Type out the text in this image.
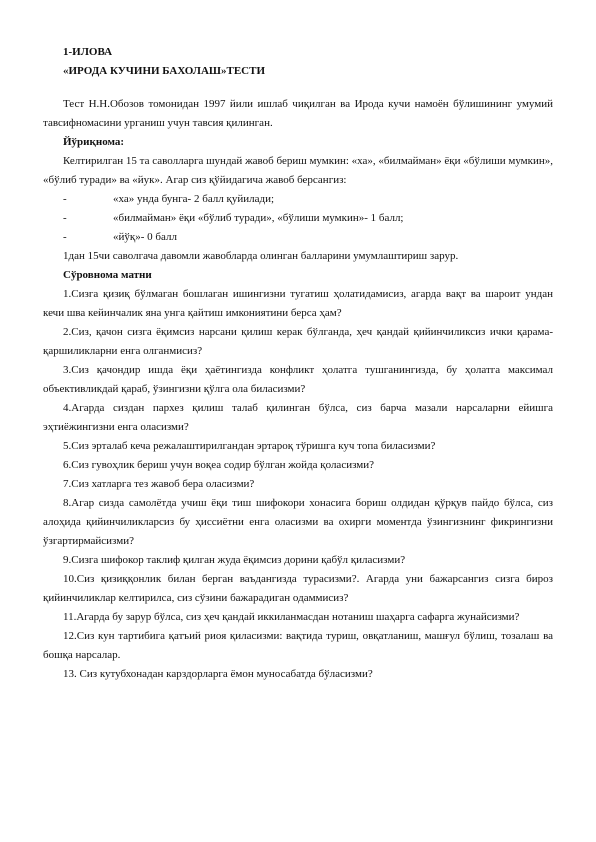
1-ИЛОВА
«ИРОДА КУЧИНИ БАХОЛАШ»ТЕСТИ

Тест Н.Н.Обозов томонидан 1997 йили ишлаб чиқилган ва Ирода кучи намоён бўлишининг умумий тавсифномасини урганиш учун тавсия қилинган.

Йўриқнома:

Келтирилган 15 та саволларга шундай жавоб бериш мумкин: «ха», «билмайман» ёқи «бўлиши мумкин», «бўлиб туради» ва «йук». Агар сиз қўйидагича жавоб берсангиз:

-	«ха» унда бунга- 2 балл қуйилади;
-	«билмайман» ёқи «бўлиб туради», «бўлиши мумкин»- 1 балл;
-	«йўқ»- 0 балл

1дан 15чи саволгача давомли жавобларда олинган балларини умумлаштириш зарур.

Сўровнома матни

1.Сизга қизиқ бўлмаган бошлаган ишингизни тугатиш ҳолатидамисиз, агарда вақт ва шароит ундан кечи шва кейинчалик яна унга қайтиш имкониятини берса ҳам?

2.Сиз, қачон сизга ёқимсиз нарсани қилиш керак бўлганда, ҳеч қандай қийинчиликсиз ички қарама-қаршиликларни енга олганмисиз?

3.Сиз қачондир ишда ёқи ҳаётингизда конфликт ҳолатга тушганингизда, бу ҳолатга максимал объективликдай қараб, ўзингизни қўлга ола биласизми?

4.Агарда сиздан пархез қилиш талаб қилинган бўлса, сиз барча мазали нарсаларни ейишга эҳтиёжингизни енга оласизми?

5.Сиз эрталаб кеча режалаштирилгандан эртароқ тўришга куч топа биласизми?

6.Сиз гувоҳлик бериш учун воқеа содир бўлган жойда қоласизми?

7.Сиз хатларга тез жавоб бера оласизми?

8.Агар сизда самолётда учиш ёқи тиш шифокори хонасига бориш олдидан қўрқув пайдо бўлса, сиз алоҳида қийинчиликларсиз бу ҳиссиётни енга оласизми ва охирги моментда ўзингизнинг фикрингизни ўзгартирмайсизми?

9.Сизга шифокор таклиф қилган жуда ёқимсиз дорини қабўл қиласизми?

10.Сиз қизиққонлик билан берган ваъдангизда турасизми?. Агарда уни бажарсангиз сизга бироз қийинчиликлар келтирилса, сиз сўзини бажарадиган одаммисиз?

11.Агарда бу зарур бўлса, сиз ҳеч қандай иккиланмасдан нотаниш шаҳарга сафарга жунайсизми?

12.Сиз кун тартибига қатъий риоя қиласизми: вақтида туриш, овқатланиш, машғул бўлиш, тозалаш ва бошқа нарсалар.

13. Сиз кутубхонадан карздорларга ёмон муносабатда бўласизми?
